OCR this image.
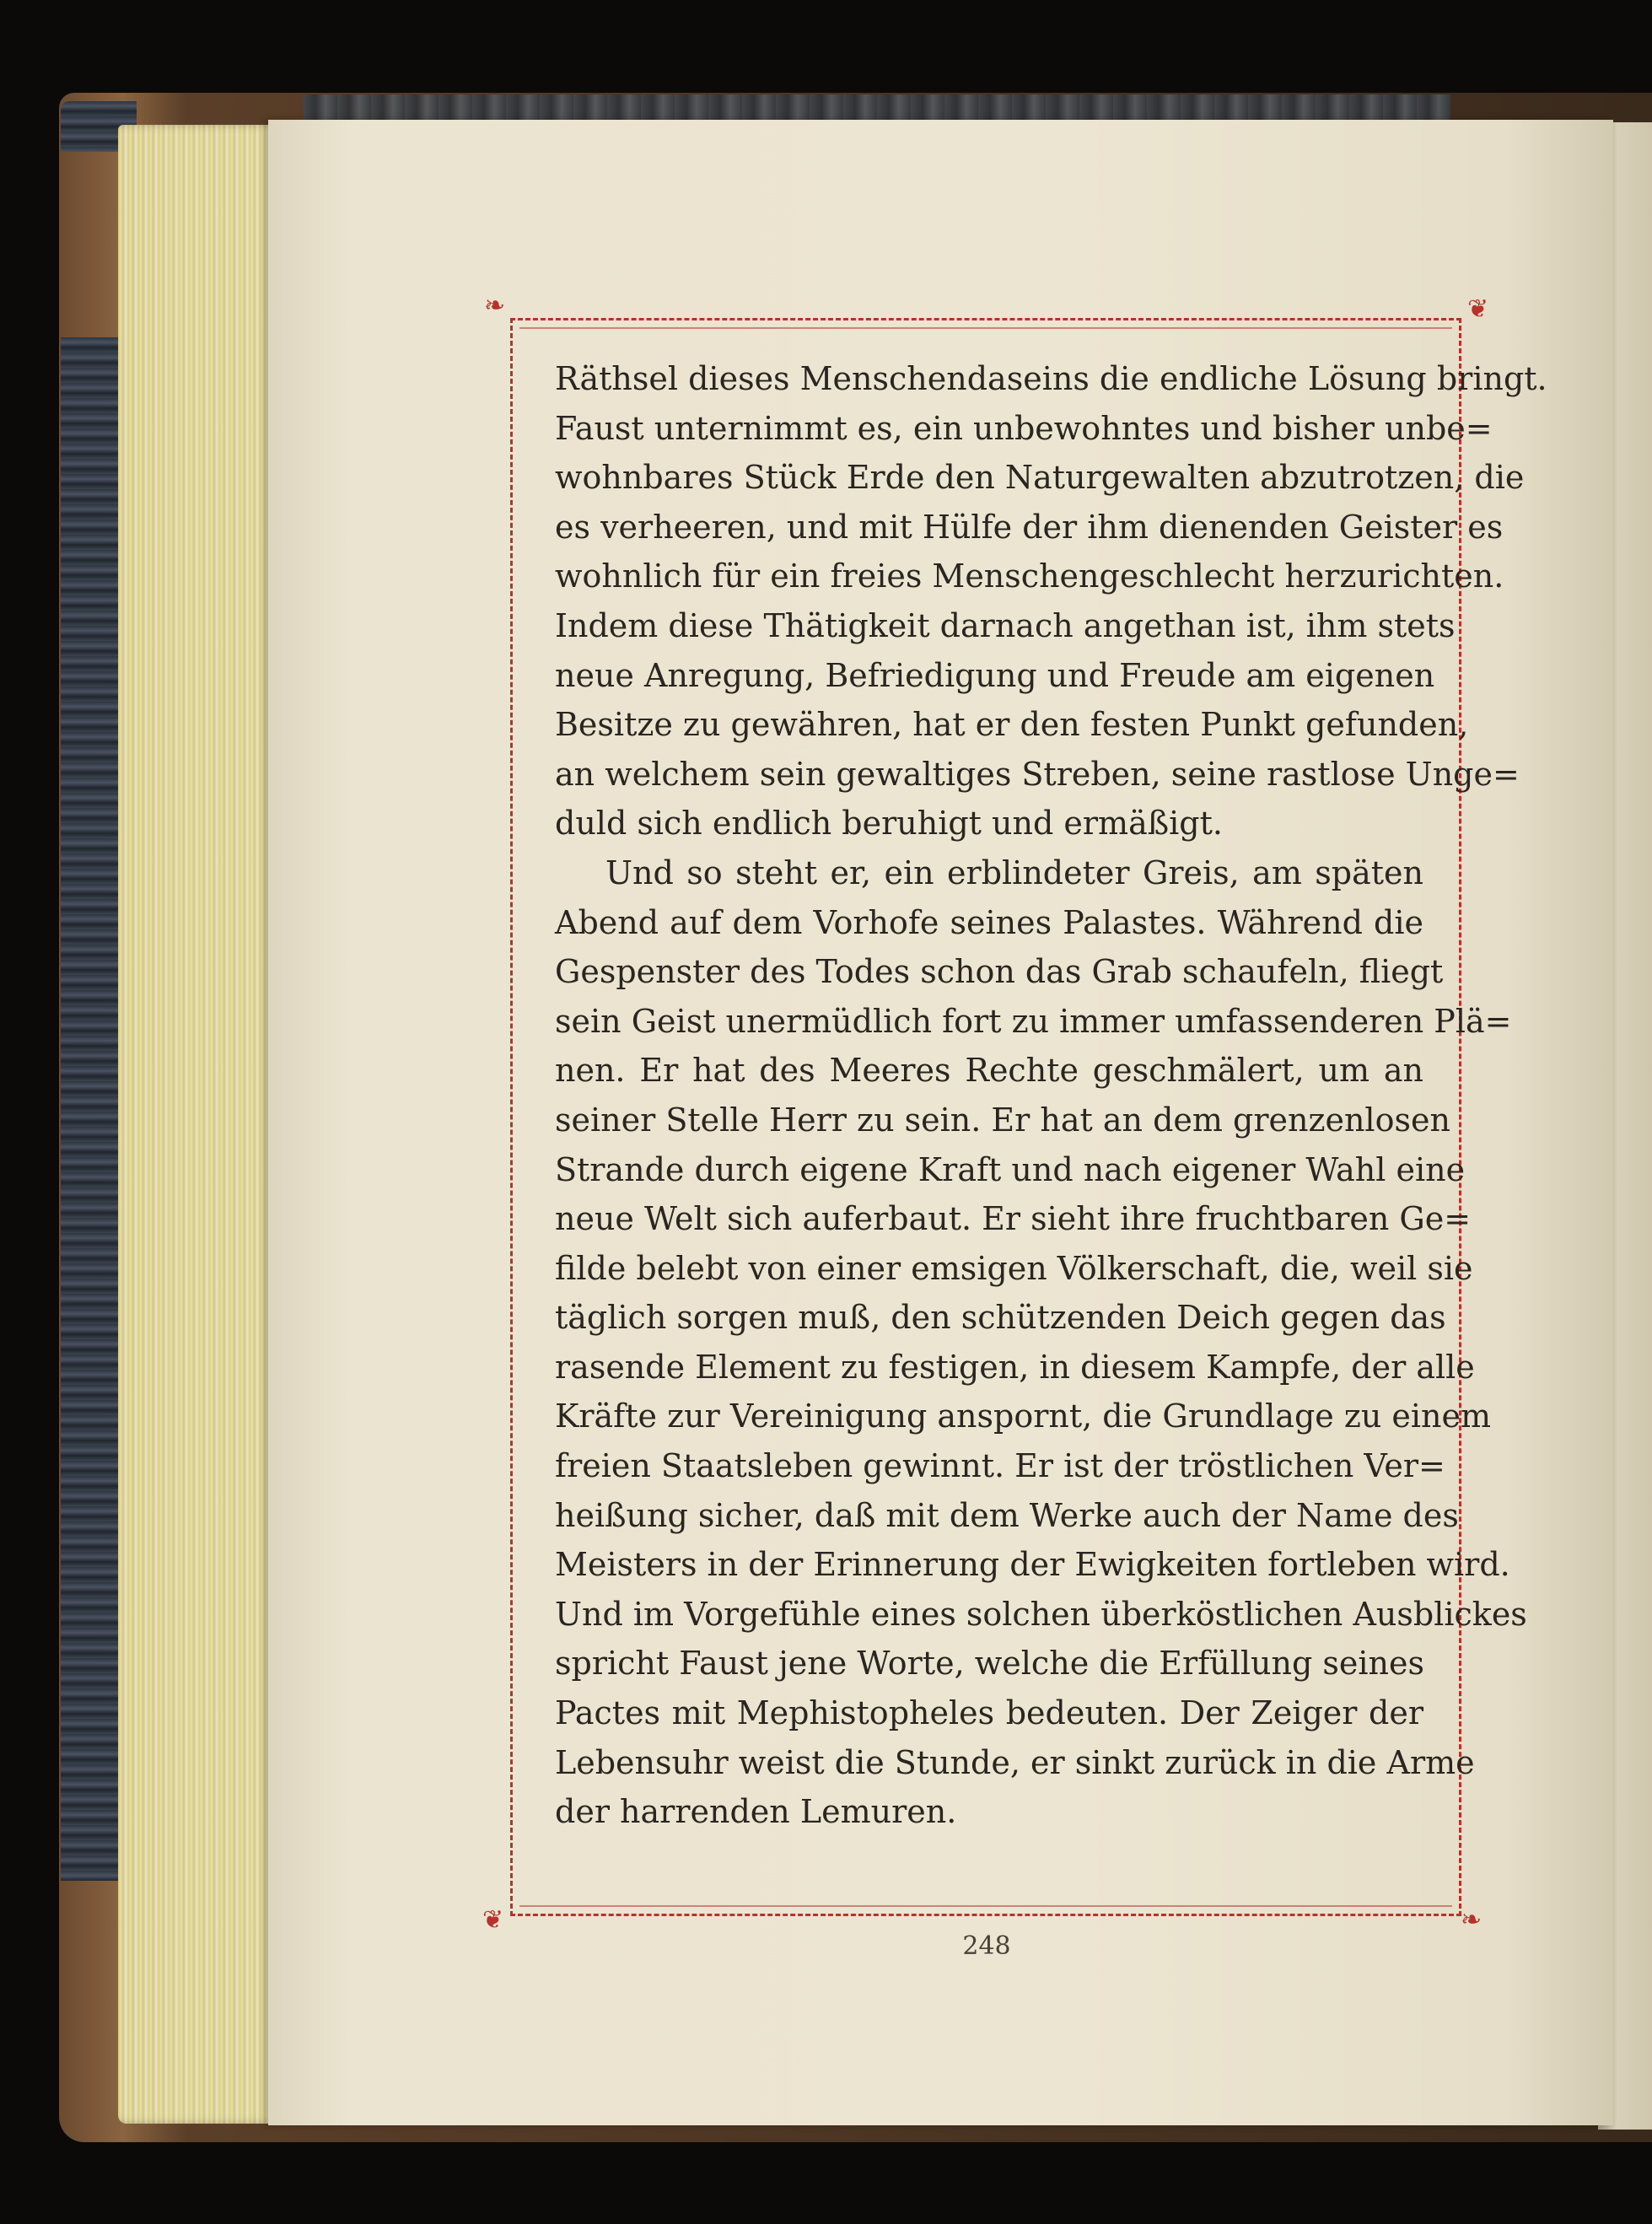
❧	❦
❦	❧
Räthsel dieses Menschendaseins die endliche Lösung bringt.
Faust unternimmt es, ein unbewohntes und bisher unbe=
wohnbares Stück Erde den Naturgewalten abzutrotzen, die
es verheeren, und mit Hülfe der ihm dienenden Geister es
wohnlich für ein freies Menschengeschlecht herzurichten.
Indem diese Thätigkeit darnach angethan ist, ihm stets
neue Anregung, Befriedigung und Freude am eigenen
Besitze zu gewähren, hat er den festen Punkt gefunden,
an welchem sein gewaltiges Streben, seine rastlose Unge=
duld sich endlich beruhigt und ermäßigt.
Und so steht er, ein erblindeter Greis, am späten
Abend auf dem Vorhofe seines Palastes. Während die
Gespenster des Todes schon das Grab schaufeln, fliegt
sein Geist unermüdlich fort zu immer umfassenderen Plä=
nen. Er hat des Meeres Rechte geschmälert, um an
seiner Stelle Herr zu sein. Er hat an dem grenzenlosen
Strande durch eigene Kraft und nach eigener Wahl eine
neue Welt sich auferbaut. Er sieht ihre fruchtbaren Ge=
filde belebt von einer emsigen Völkerschaft, die, weil sie
täglich sorgen muß, den schützenden Deich gegen das
rasende Element zu festigen, in diesem Kampfe, der alle
Kräfte zur Vereinigung anspornt, die Grundlage zu einem
freien Staatsleben gewinnt. Er ist der tröstlichen Ver=
heißung sicher, daß mit dem Werke auch der Name des
Meisters in der Erinnerung der Ewigkeiten fortleben wird.
Und im Vorgefühle eines solchen überköstlichen Ausblickes
spricht Faust jene Worte, welche die Erfüllung seines
Pactes mit Mephistopheles bedeuten. Der Zeiger der
Lebensuhr weist die Stunde, er sinkt zurück in die Arme
der harrenden Lemuren.
248
